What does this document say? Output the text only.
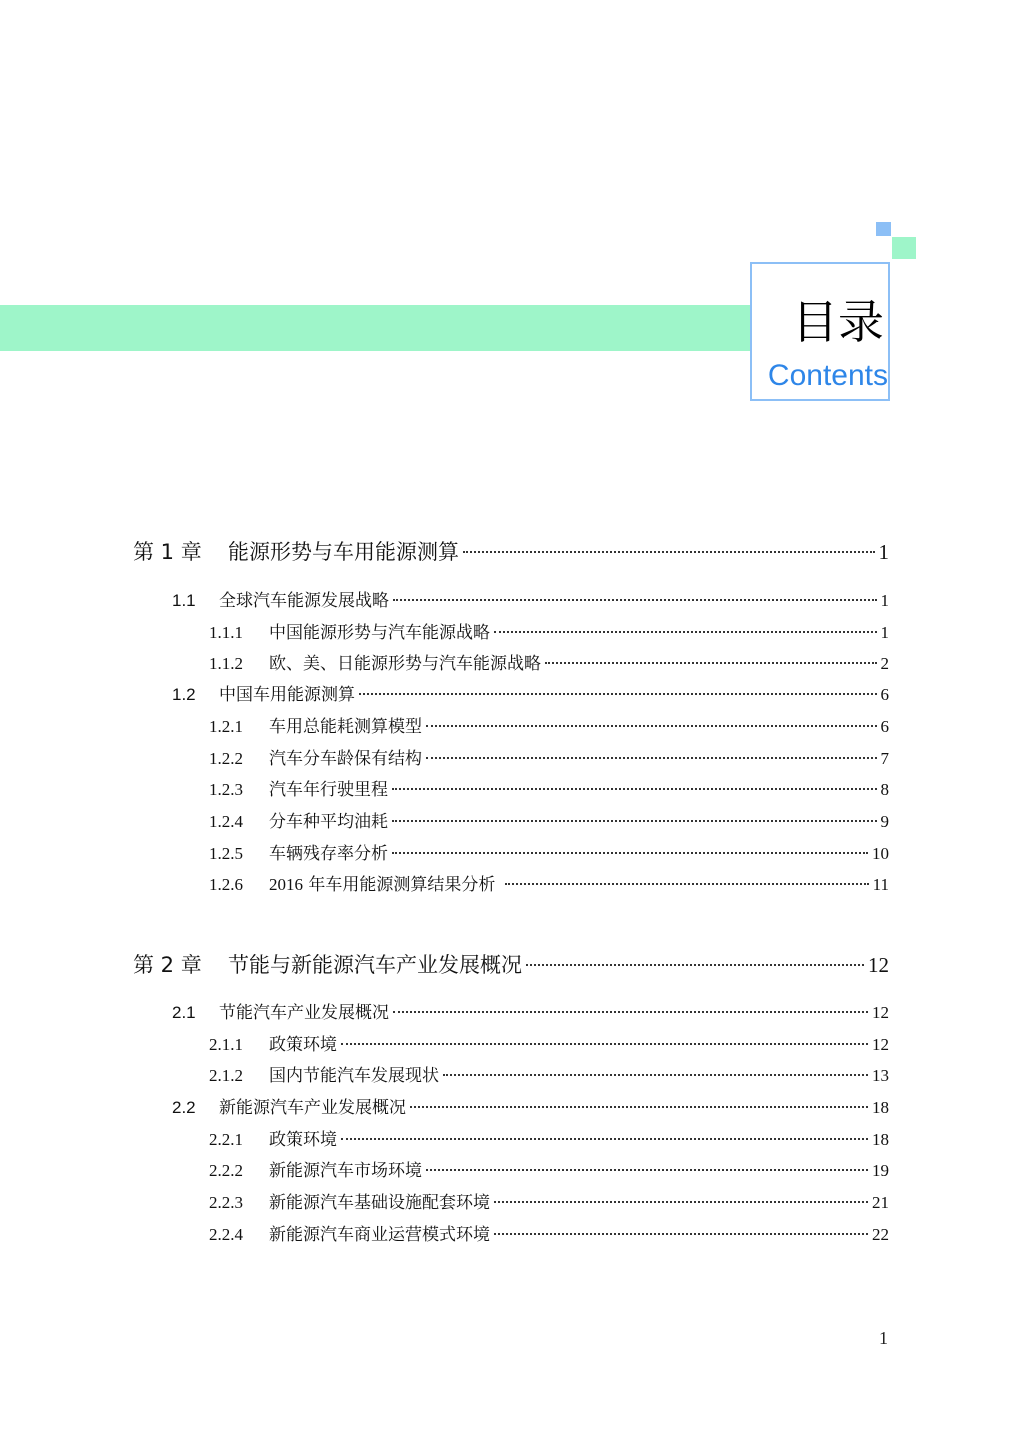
目录
Contents
第 1 章	能源形势与车用能源测算	1
1.1	全球汽车能源发展战略	1
1.1.1	中国能源形势与汽车能源战略	1
1.1.2	欧、美、日能源形势与汽车能源战略	2
1.2	中国车用能源测算	6
1.2.1	车用总能耗测算模型	6
1.2.2	汽车分车龄保有结构	7
1.2.3	汽车年行驶里程	8
1.2.4	分车种平均油耗	9
1.2.5	车辆残存率分析	10
1.2.6	2016 年车用能源测算结果分析	11
第 2 章	节能与新能源汽车产业发展概况	12
2.1	节能汽车产业发展概况	12
2.1.1	政策环境	12
2.1.2	国内节能汽车发展现状	13
2.2	新能源汽车产业发展概况	18
2.2.1	政策环境	18
2.2.2	新能源汽车市场环境	19
2.2.3	新能源汽车基础设施配套环境	21
2.2.4	新能源汽车商业运营模式环境	22
1
